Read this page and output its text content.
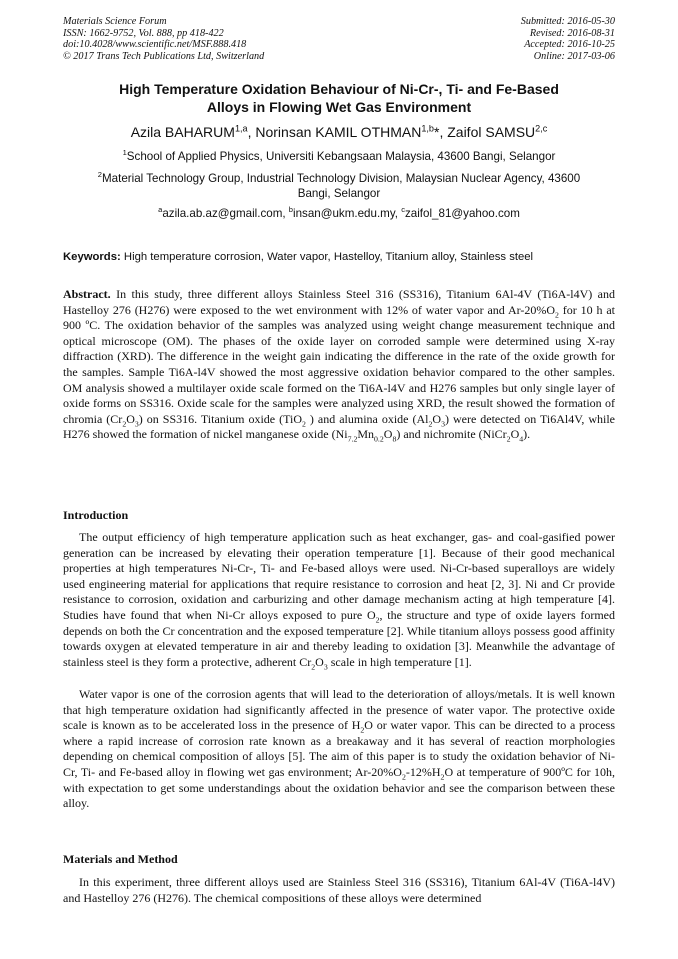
Materials Science Forum
ISSN: 1662-9752, Vol. 888, pp 418-422
doi:10.4028/www.scientific.net/MSF.888.418
© 2017 Trans Tech Publications Ltd, Switzerland
Submitted: 2016-05-30
Revised: 2016-08-31
Accepted: 2016-10-25
Online: 2017-03-06
High Temperature Oxidation Behaviour of Ni-Cr-, Ti- and Fe-Based
Alloys in Flowing Wet Gas Environment
Azila BAHARUM$^{1,a}$, Norinsan KAMIL OTHMAN$^{1,b}$*, Zaifol SAMSU$^{2,c}$
$^1$School of Applied Physics, Universiti Kebangsaan Malaysia, 43600 Bangi, Selangor
$^2$Material Technology Group, Industrial Technology Division, Malaysian Nuclear Agency, 43600
Bangi, Selangor
$^a$azila.ab.az@gmail.com, $^b$insan@ukm.edu.my, $^c$zaifol_81@yahoo.com
Keywords: High temperature corrosion, Water vapor, Hastelloy, Titanium alloy, Stainless steel

Abstract. In this study, three different alloys Stainless Steel 316 (SS316), Titanium 6Al-4V (Ti6A-l4V) and Hastelloy 276 (H276) were exposed to the wet environment with 12% of water vapor and $Ar-20\%O_2$ for 10 h at 900 ºC. The oxidation behavior of the samples was analyzed using weight change measurement technique and optical microscope (OM). The phases of the oxide layer on corroded sample were determined using X-ray diffraction (XRD). The difference in the weight gain indicating the difference in the rate of the oxide growth for the samples. Sample Ti6A-l4V showed the most aggressive oxidation behavior compared to the other samples. OM analysis showed a multilayer oxide scale formed on the Ti6A-l4V and H276 samples but only single layer of oxide forms on SS316. Oxide scale for the samples were analyzed using XRD, the result showed the formation of chromia $(Cr_2O_3)$ on SS316. Titanium oxide (TiO$_2$ ) and alumina oxide $(Al_2O_3)$ were detected on Ti6Al4V, while H276 showed the formation of nickel manganese oxide $(Ni_{7.2}Mn_{0.2}O_8)$ and nichromite $(NiCr_2O_4)$.

Introduction

The output efficiency of high temperature application such as heat exchanger, gas- and coal-gasified power generation can be increased by elevating their operation temperature [1]. Because of their good mechanical properties at high temperatures Ni-Cr-, Ti- and Fe-based alloys were used. Ni-Cr-based superalloys are widely used engineering material for applications that require resistance to corrosion and heat [2, 3]. Ni and Cr provide resistance to corrosion, oxidation and carburizing and other damage mechanism acting at high temperature [4]. Studies have found that when Ni-Cr alloys exposed to pure $O_2$, the structure and type of oxide layers formed depends on both the Cr concentration and the exposed temperature [2]. While titanium alloys possess good affinity towards oxygen at elevated temperature in air and thereby leading to oxidation [3]. Meanwhile the advantage of stainless steel is they form a protective, adherent $Cr_2O_3$ scale in high temperature [1].

Water vapor is one of the corrosion agents that will lead to the deterioration of alloys/metals. It is well known that high temperature oxidation had significantly affected in the presence of water vapor. The protective oxide scale is known as to be accelerated loss in the presence of $H_2O$ or water vapor. This can be directed to a process where a rapid increase of corrosion rate known as a breakaway and it has several of reaction morphologies depending on chemical composition of alloys [5]. The aim of this paper is to study the oxidation behavior of Ni-Cr, Ti- and Fe-based alloy in flowing wet gas environment; $Ar-20\%O_2-12\%H_2O$ at temperature of 900ºC for 10h, with expectation to get some understandings about the oxidation behavior and see the comparison between these alloy.

Materials and Method

In this experiment, three different alloys used are Stainless Steel 316 (SS316), Titanium 6Al-4V (Ti6A-l4V) and Hastelloy 276 (H276). The chemical compositions of these alloys were determined
